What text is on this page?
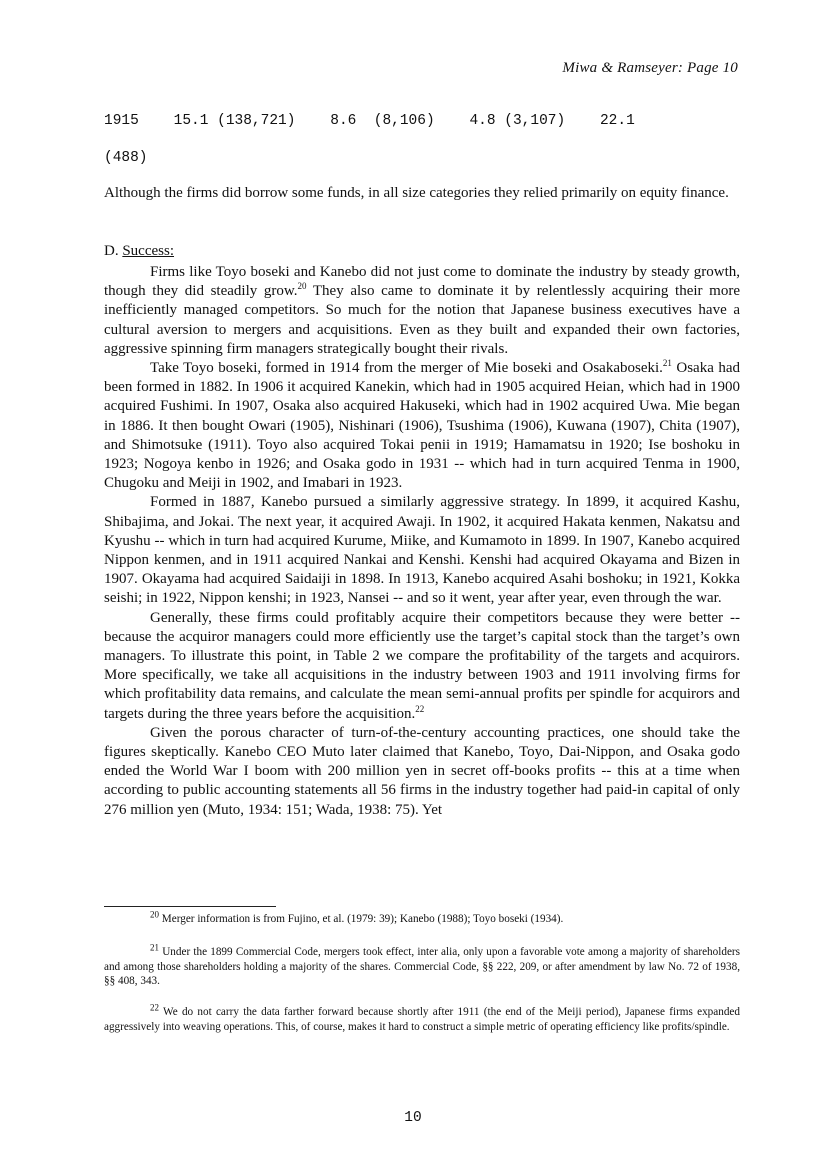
Miwa & Ramseyer: Page 10
1915    15.1 (138,721)    8.6  (8,106)    4.8 (3,107)    22.1
(488)
Although the firms did borrow some funds, in all size categories they relied primarily on equity finance.
D. Success:

Firms like Toyo boseki and Kanebo did not just come to dominate the industry by steady growth, though they did steadily grow.$^{20}$ They also came to dominate it by relentlessly acquiring their more inefficiently managed competitors. So much for the notion that Japanese business executives have a cultural aversion to mergers and acquisitions. Even as they built and expanded their own factories, aggressive spinning firm managers strategically bought their rivals.

Take Toyo boseki, formed in 1914 from the merger of Mie boseki and Osakaboseki.$^{21}$ Osaka had been formed in 1882. In 1906 it acquired Kanekin, which had in 1905 acquired Heian, which had in 1900 acquired Fushimi. In 1907, Osaka also acquired Hakuseki, which had in 1902 acquired Uwa. Mie began in 1886. It then bought Owari (1905), Nishinari (1906), Tsushima (1906), Kuwana (1907), Chita (1907), and Shimotsuke (1911). Toyo also acquired Tokai penii in 1919; Hamamatsu in 1920; Ise boshoku in 1923; Nogoya kenbo in 1926; and Osaka godo in 1931 -- which had in turn acquired Tenma in 1900, Chugoku and Meiji in 1902, and Imabari in 1923.

Formed in 1887, Kanebo pursued a similarly aggressive strategy. In 1899, it acquired Kashu, Shibajima, and Jokai. The next year, it acquired Awaji. In 1902, it acquired Hakata kenmen, Nakatsu and Kyushu -- which in turn had acquired Kurume, Miike, and Kumamoto in 1899. In 1907, Kanebo acquired Nippon kenmen, and in 1911 acquired Nankai and Kenshi. Kenshi had acquired Okayama and Bizen in 1907. Okayama had acquired Saidaiji in 1898. In 1913, Kanebo acquired Asahi boshoku; in 1921, Kokka seishi; in 1922, Nippon kenshi; in 1923, Nansei -- and so it went, year after year, even through the war.

Generally, these firms could profitably acquire their competitors because they were better -- because the acquiror managers could more efficiently use the target’s capital stock than the target’s own managers. To illustrate this point, in Table 2 we compare the profitability of the targets and acquirors. More specifically, we take all acquisitions in the industry between 1903 and 1911 involving firms for which profitability data remains, and calculate the mean semi-annual profits per spindle for acquirors and targets during the three years before the acquisition.$^{22}$

Given the porous character of turn-of-the-century accounting practices, one should take the figures skeptically. Kanebo CEO Muto later claimed that Kanebo, Toyo, Dai-Nippon, and Osaka godo ended the World War I boom with 200 million yen in secret off-books profits -- this at a time when according to public accounting statements all 56 firms in the industry together had paid-in capital of only 276 million yen (Muto, 1934: 151; Wada, 1938: 75). Yet

$^{20}$ Merger information is from Fujino, et al. (1979: 39); Kanebo (1988); Toyo boseki (1934).

$^{21}$ Under the 1899 Commercial Code, mergers took effect, inter alia, only upon a favorable vote among a majority of shareholders and among those shareholders holding a majority of the shares. Commercial Code, §§ 222, 209, or after amendment by law No. 72 of 1938, §§ 408, 343.

$^{22}$ We do not carry the data farther forward because shortly after 1911 (the end of the Meiji period), Japanese firms expanded aggressively into weaving operations. This, of course, makes it hard to construct a simple metric of operating efficiency like profits/spindle.

10
